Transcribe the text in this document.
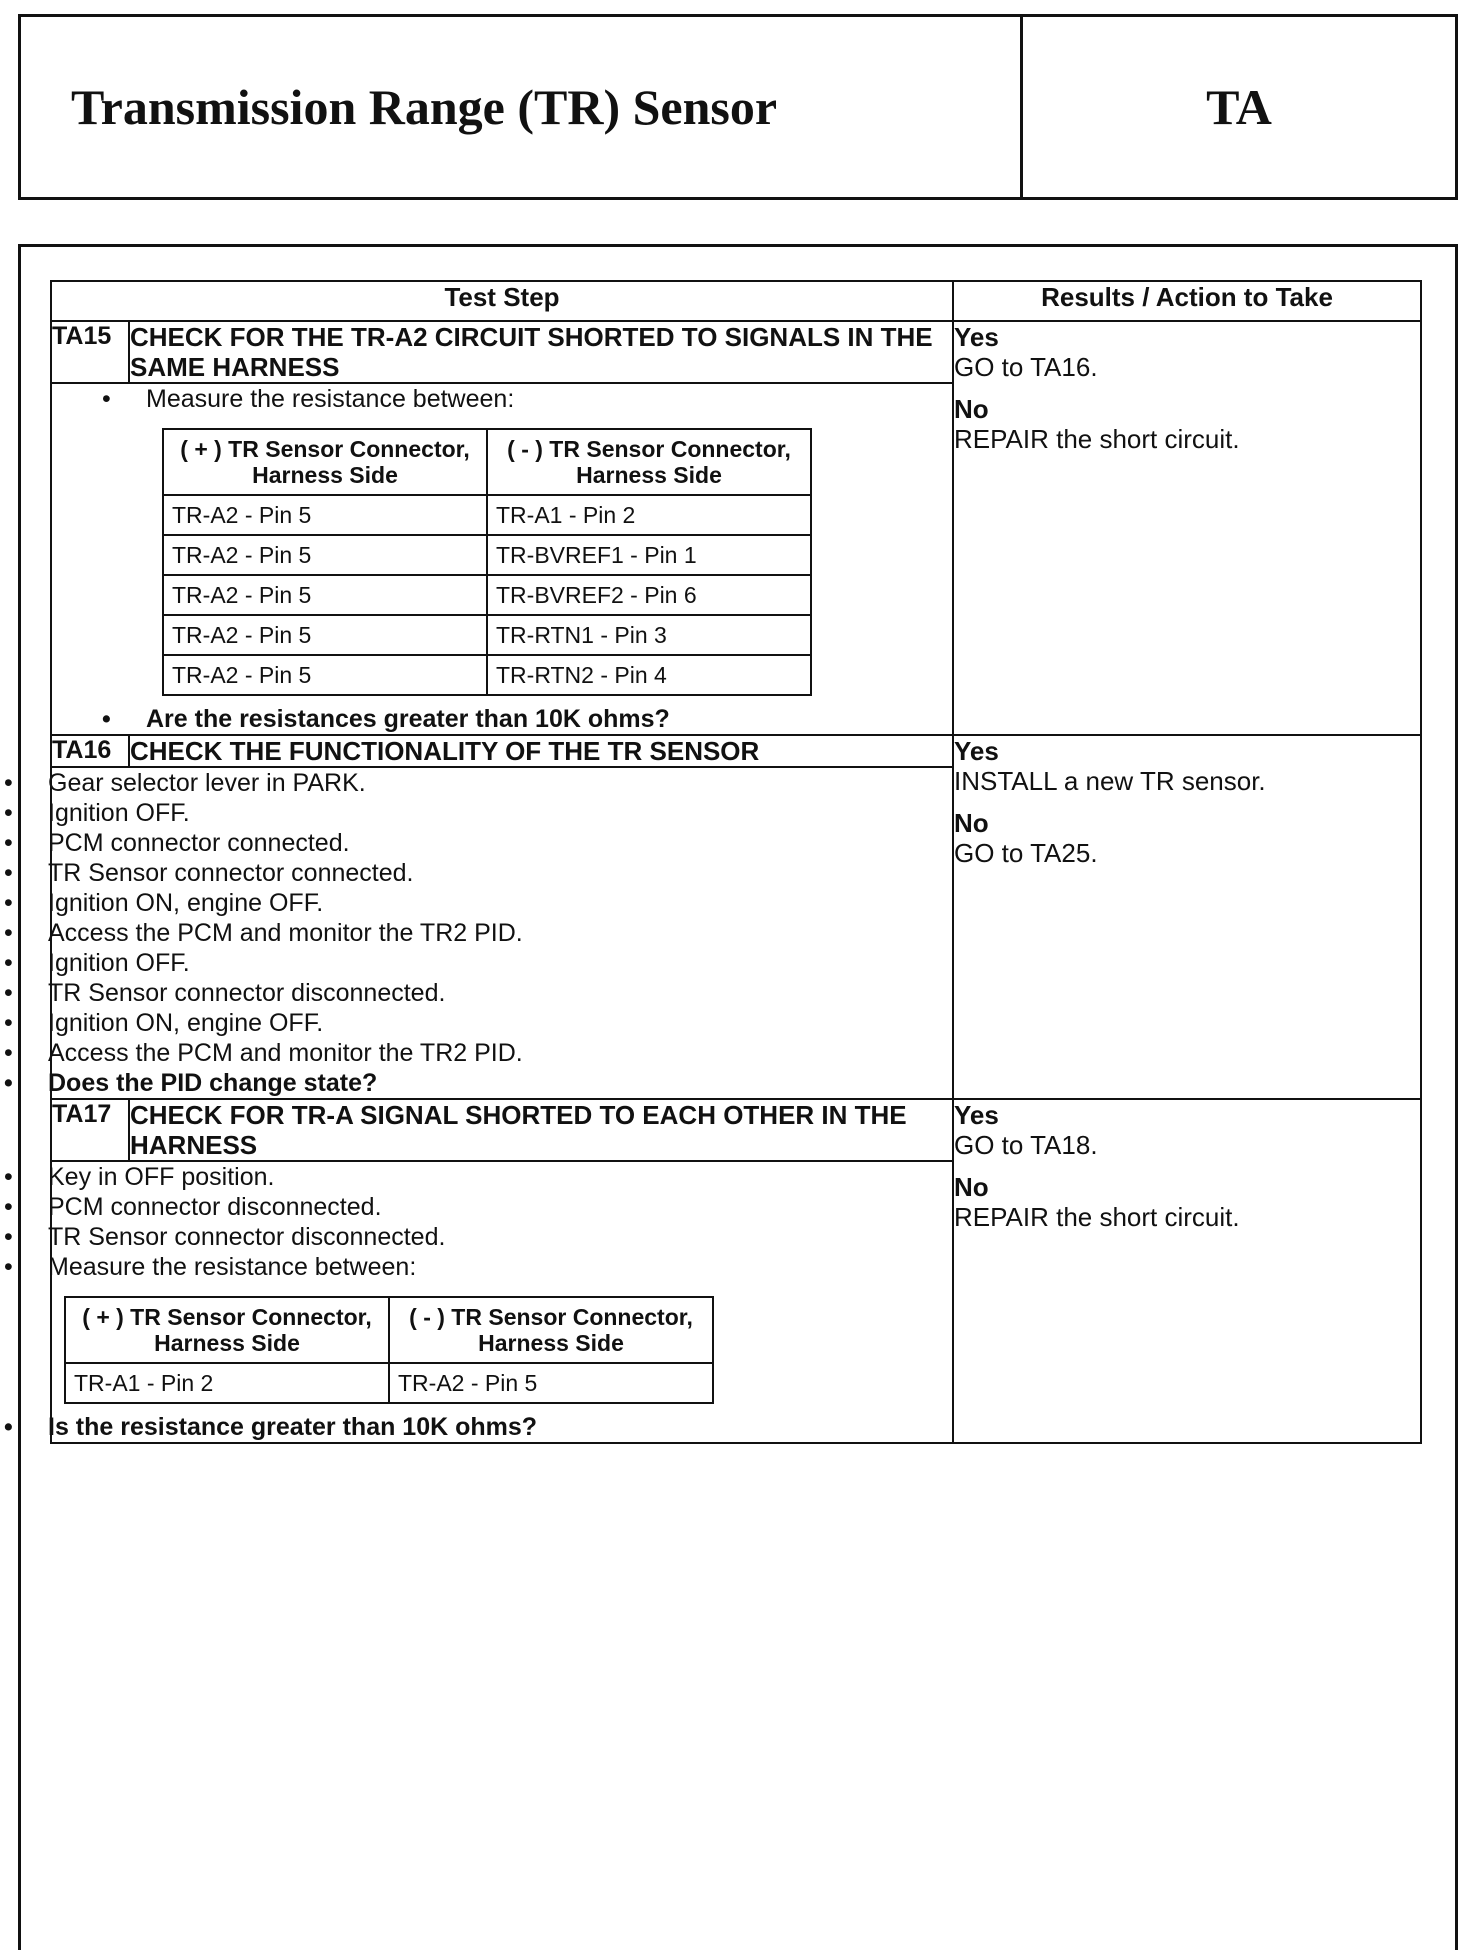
Transmission Range (TR) Sensor	TA
Test Step	Results / Action to Take
TA15	CHECK FOR THE TR-A2 CIRCUIT SHORTED TO SIGNALS IN THE SAME HARNESS	
Yes
GO to TA16.
No
REPAIR the short circuit.

• Measure the resistance between:
( + ) TR Sensor Connector, Harness Side	( - ) TR Sensor Connector, Harness Side
TR-A2 - Pin 5	TR-A1 - Pin 2
TR-A2 - Pin 5	TR-BVREF1 - Pin 1
TR-A2 - Pin 5	TR-BVREF2 - Pin 6
TR-A2 - Pin 5	TR-RTN1 - Pin 3
TR-A2 - Pin 5	TR-RTN2 - Pin 4
• Are the resistances greater than 10K ohms?

TA16	CHECK THE FUNCTIONALITY OF THE TR SENSOR	Yes
INSTALL a new TR sensor.
No
GO to TA25.

• Gear selector lever in PARK.
• Ignition OFF.
• PCM connector connected.
• TR Sensor connector connected.
• Ignition ON, engine OFF.
• Access the PCM and monitor the TR2 PID.
• Ignition OFF.
• TR Sensor connector disconnected.
• Ignition ON, engine OFF.
• Access the PCM and monitor the TR2 PID.
• Does the PID change state?

TA17	CHECK FOR TR-A SIGNAL SHORTED TO EACH OTHER IN THE HARNESS	
Yes
GO to TA18.
No
REPAIR the short circuit.

• Key in OFF position.
• PCM connector disconnected.
• TR Sensor connector disconnected.
• Measure the resistance between:
( + ) TR Sensor Connector, Harness Side	( - ) TR Sensor Connector, Harness Side
TR-A1 - Pin 2	TR-A2 - Pin 5
• Is the resistance greater than 10K ohms?
